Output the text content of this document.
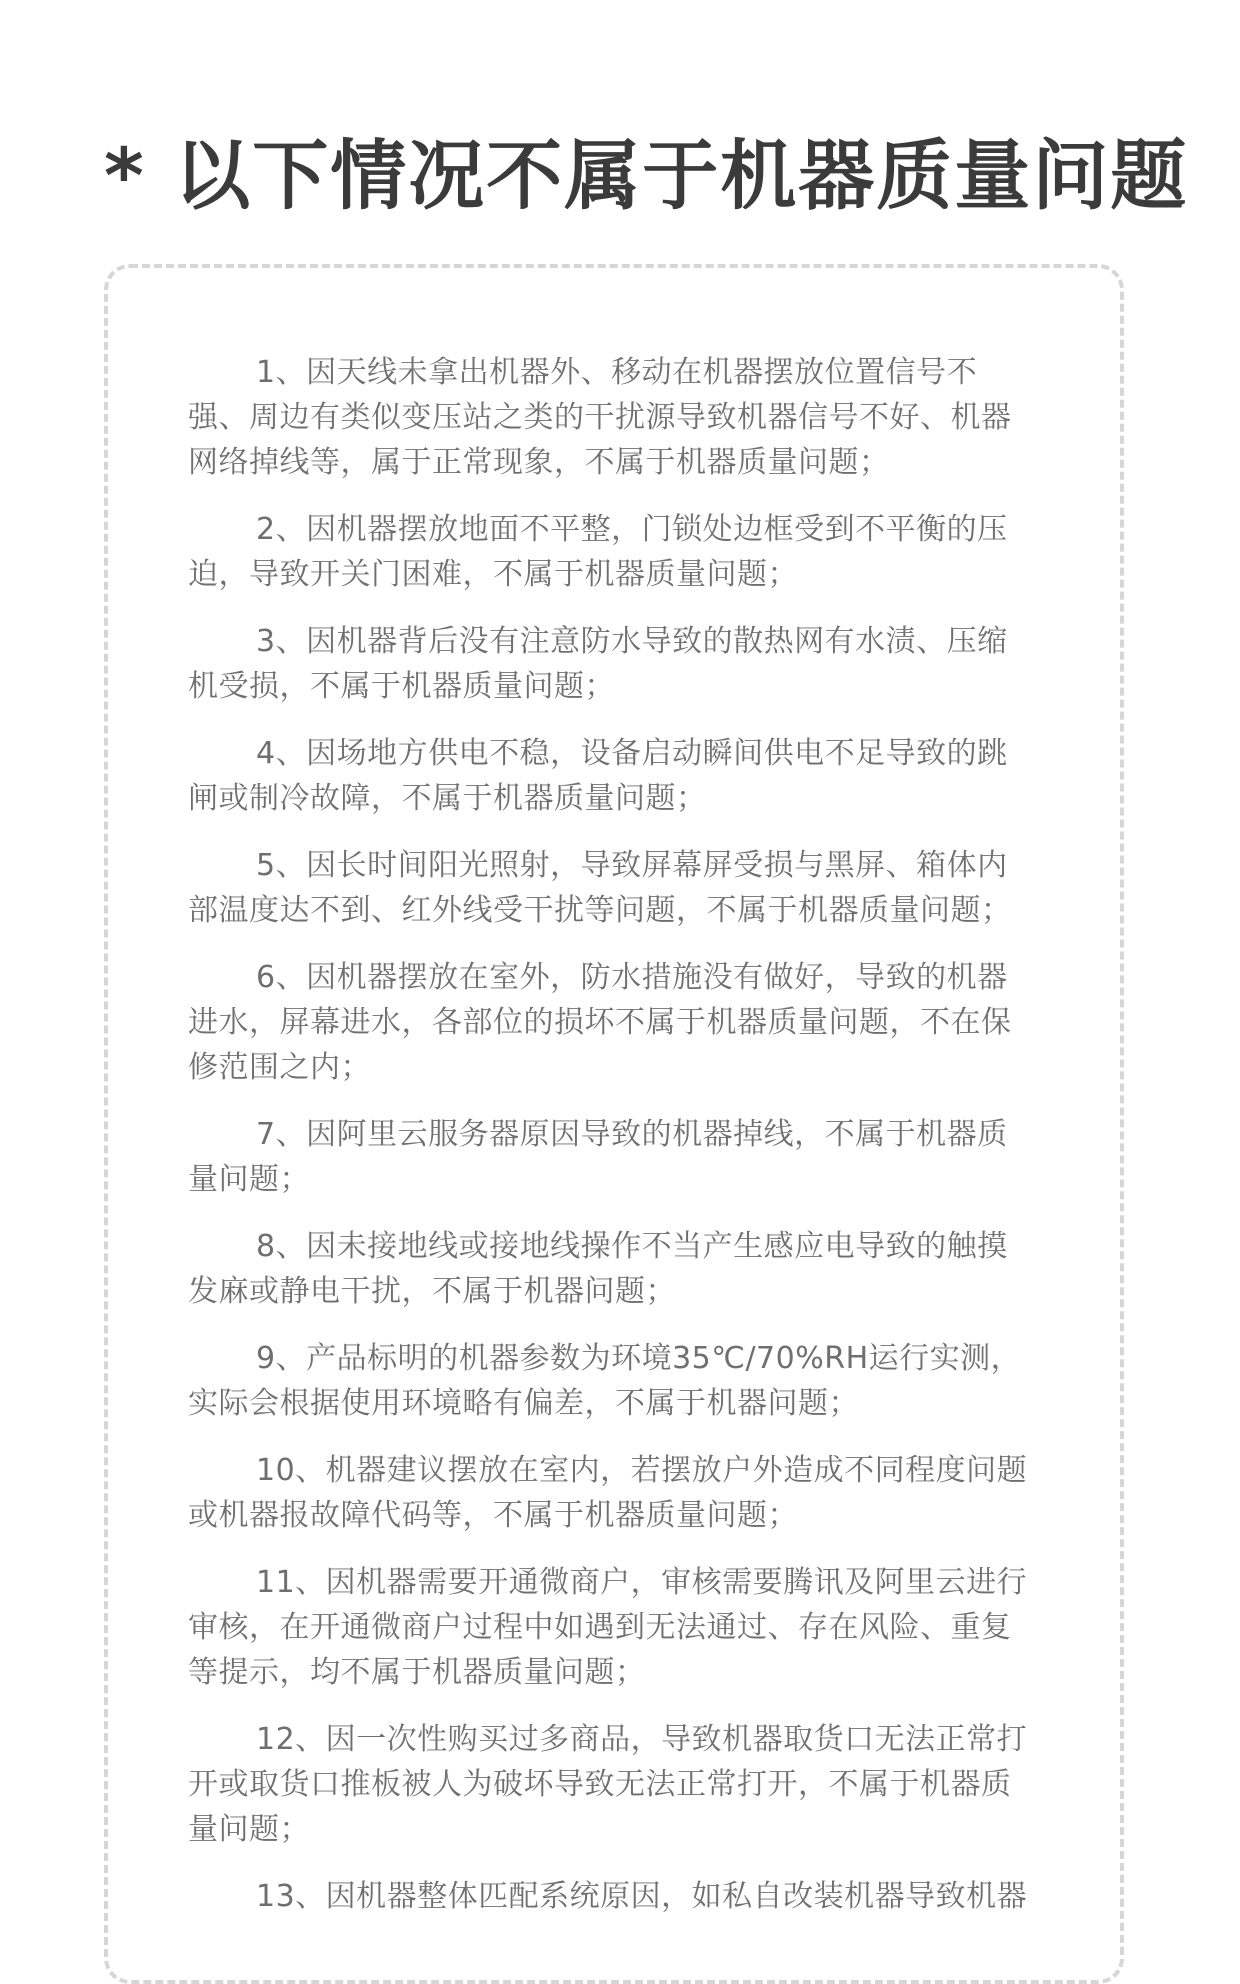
* 以下情况不属于机器质量问题
1、因天线未拿出机器外、移动在机器摆放位置信号不强、周边有类似变压站之类的干扰源导致机器信号不好、机器网络掉线等，属于正常现象，不属于机器质量问题；
2、因机器摆放地面不平整，门锁处边框受到不平衡的压迫，导致开关门困难，不属于机器质量问题；
3、因机器背后没有注意防水导致的散热网有水渍、压缩机受损，不属于机器质量问题；
4、因场地方供电不稳，设备启动瞬间供电不足导致的跳闸或制冷故障，不属于机器质量问题；
5、因长时间阳光照射，导致屏幕屏受损与黑屏、箱体内部温度达不到、红外线受干扰等问题，不属于机器质量问题；
6、因机器摆放在室外，防水措施没有做好，导致的机器进水，屏幕进水，各部位的损坏不属于机器质量问题，不在保修范围之内；
7、因阿里云服务器原因导致的机器掉线，不属于机器质量问题；
8、因未接地线或接地线操作不当产生感应电导致的触摸发麻或静电干扰，不属于机器问题；
9、产品标明的机器参数为环境35℃/70%RH运行实测，实际会根据使用环境略有偏差，不属于机器问题；
10、机器建议摆放在室内，若摆放户外造成不同程度问题或机器报故障代码等，不属于机器质量问题；
11、因机器需要开通微商户，审核需要腾讯及阿里云进行审核，在开通微商户过程中如遇到无法通过、存在风险、重复等提示，均不属于机器质量问题；
12、因一次性购买过多商品，导致机器取货口无法正常打开或取货口推板被人为破坏导致无法正常打开，不属于机器质量问题；
13、因机器整体匹配系统原因，如私自改装机器导致机器
